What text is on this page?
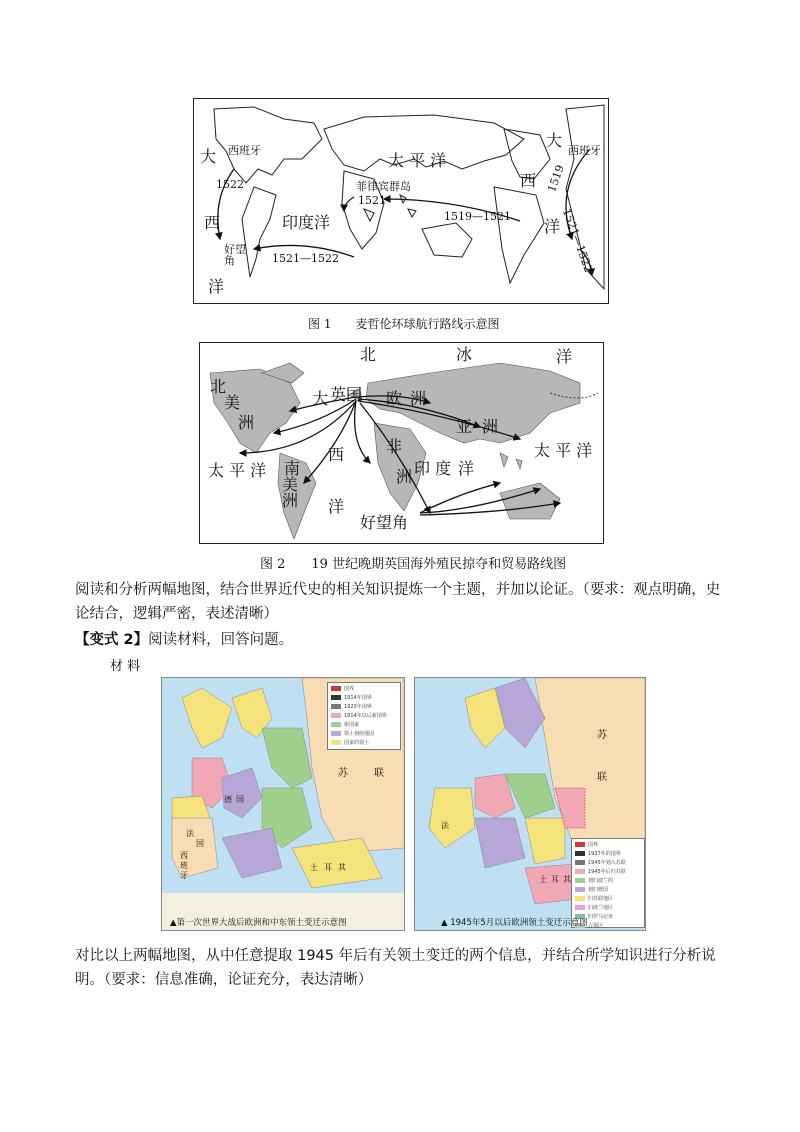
大 西班牙
1522
西
好望角
洋
太 平 洋
菲律宾群岛
1521
印度洋
1521—1522
1519—1521
大
西班牙
西 1519
1521—1522
洋
图 1　　麦哲伦环球航行路线示意图
北	冰	洋
北
美
洲
大 英国 欧 洲
亚 洲
非
洲
西
太 平 洋 南
美
洲
印 度 洋
太 平 洋
洋
好望角
图 2　　19 世纪晚期英国海外殖民掠夺和贸易路线图
阅读和分析两幅地图，结合世界近代史的相关知识提炼一个主题，并加以论证。（要求：观点明确，史论结合，逻辑严密，表述清晰）
【变式 2】阅读材料，回答问题。
材 料
国界
1914年国界
1923年国界
1914年以后新国界
新国家
领土划给他国
国家的领土
苏	联
法
国
德 国
西
班
牙
土 耳 其
▲第一次世界大战后欧洲和中东领土变迁示意图
国界
1937年的国界
1945年划入苏联
1945年后归苏联
划归波兰的
划归德国
归苏联地区
归波兰地区
归罗马尼亚
占领区
苏
联
法
土 耳 其
▲ 1945年5月以后欧洲领土变迁示意图
对比以上两幅地图，从中任意提取 1945 年后有关领土变迁的两个信息，并结合所学知识进行分析说明。（要求：信息准确，论证充分，表达清晰）
